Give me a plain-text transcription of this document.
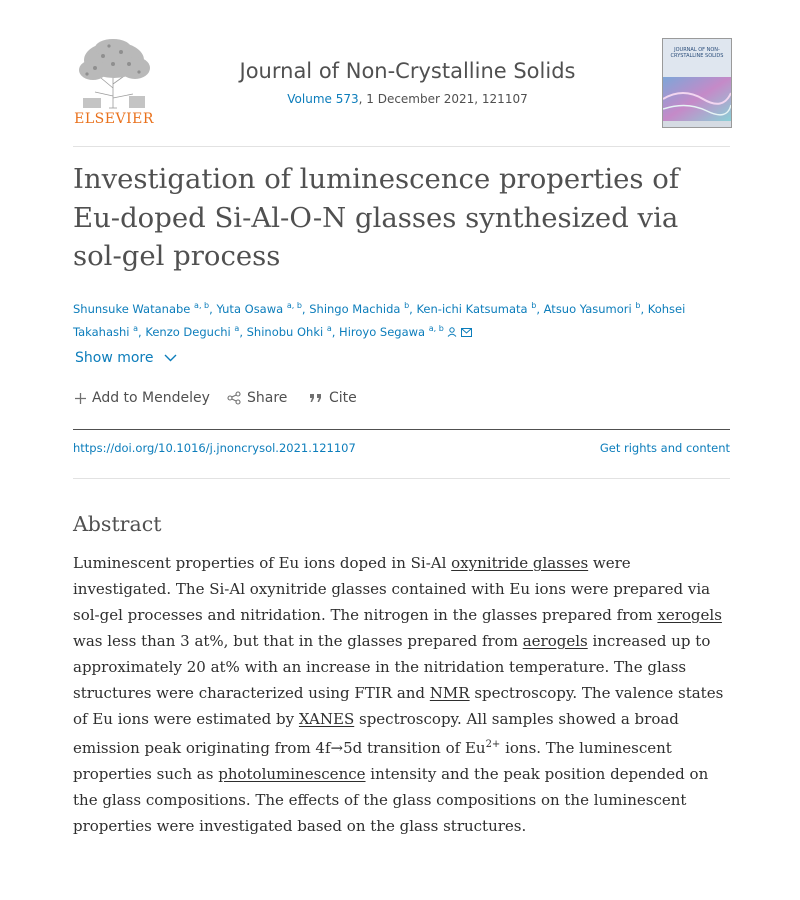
ELSEVIER
Journal of Non-Crystalline Solids
Volume 573, 1 December 2021, 121107
JOURNAL OF NON-CRYSTALLINE SOLIDS
Investigation of luminescence properties of Eu-doped Si-Al-O-N glasses synthesized via sol-gel process
Shunsuke Watanabe $^{a, b}$, Yuta Osawa $^{a, b}$, Shingo Machida $^b$, Ken-ichi Katsumata $^b$, Atsuo Yasumori $^b$, Kohsei Takahashi $^a$, Kenzo Deguchi $^a$, Shinobu Ohki $^a$, Hiroyo Segawa $^{a, b}$
Show more
Add to Mendeley	Share	Cite
https://doi.org/10.1016/j.jnoncrysol.2021.121107	Get rights and content
Abstract
Luminescent properties of Eu ions doped in Si-Al oxynitride glasses were investigated. The Si-Al oxynitride glasses contained with Eu ions were prepared via sol-gel processes and nitridation. The nitrogen in the glasses prepared from xerogels was less than 3 at%, but that in the glasses prepared from aerogels increased up to approximately 20 at% with an increase in the nitridation temperature. The glass structures were characterized using FTIR and NMR spectroscopy. The valence states of Eu ions were estimated by XANES spectroscopy. All samples showed a broad emission peak originating from 4f→5d transition of $Eu^{2+}$ ions. The luminescent properties such as photoluminescence intensity and the peak position depended on the glass compositions. The effects of the glass compositions on the luminescent properties were investigated based on the glass structures.
